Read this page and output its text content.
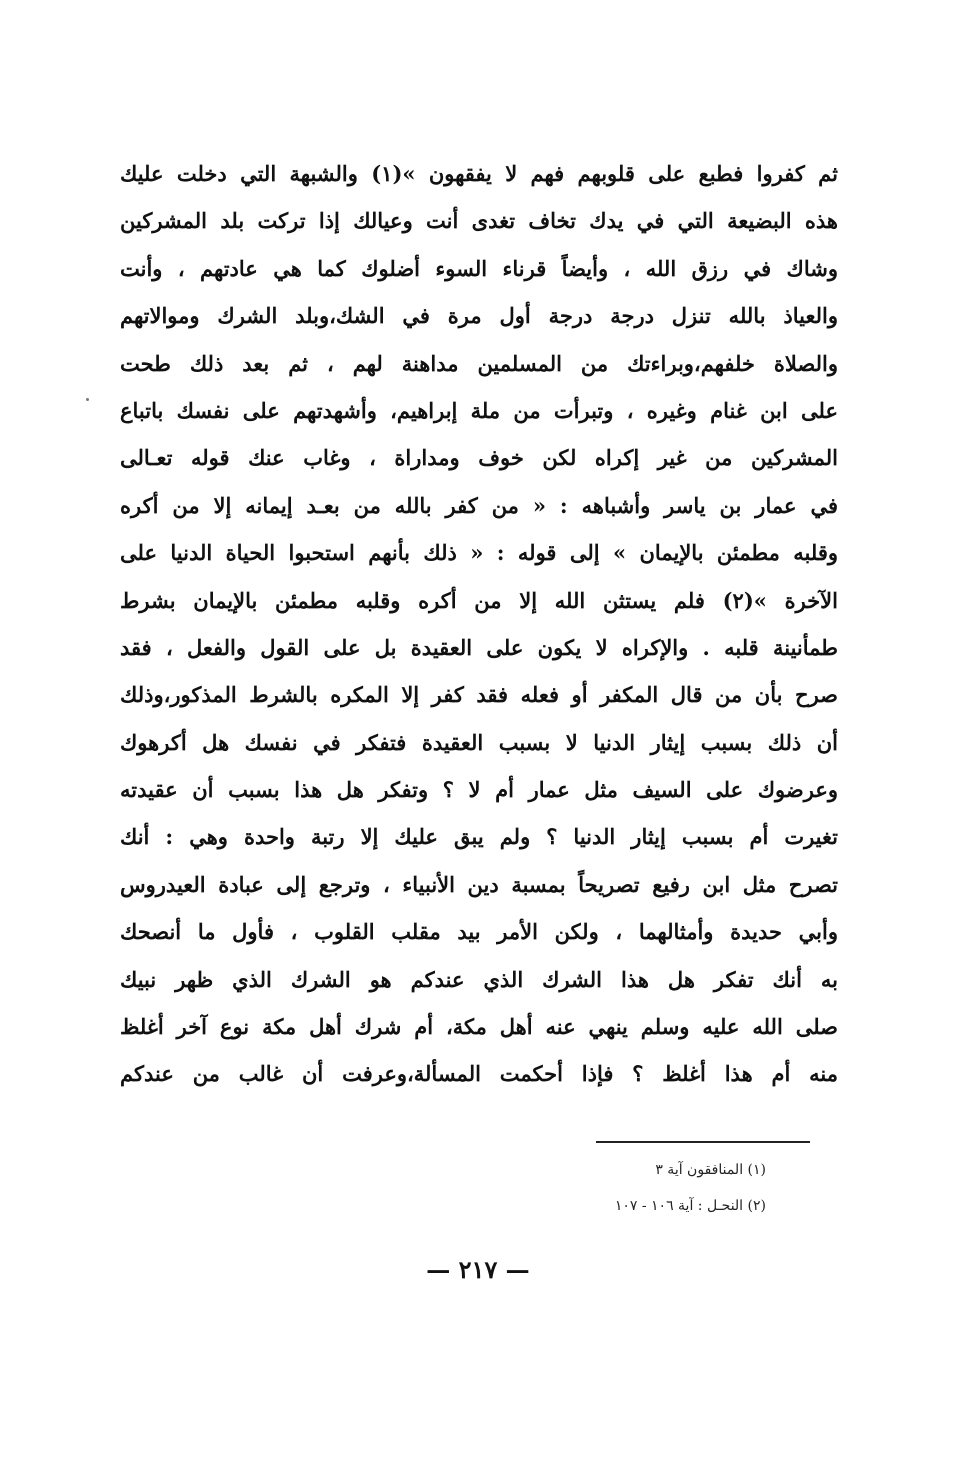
ثم كفروا فطبع على قلوبهم فهم لا يفقهون »(١) والشبهة التي دخلت عليك
هذه البضيعة التي في يدك تخاف تغدى أنت وعيالك إذا تركت بلد المشركين
وشاك في رزق الله ، وأيضاً قرناء السوء أضلوك كما هي عادتهم ، وأنت
والعياذ بالله تنزل درجة درجة أول مرة في الشك،وبلد الشرك وموالاتهم
والصلاة خلفهم،وبراءتك من المسلمين مداهنة لهم ، ثم بعد ذلك طحت
على ابن غنام وغيره ، وتبرأت من ملة إبراهيم، وأشهدتهم على نفسك باتباع
المشركين من غير إكراه لكن خوف ومداراة ، وغاب عنك قوله تعـالى
في عمار بن ياسر وأشباهه : « من كفر بالله من بعـد إيمانه إلا من أكره
وقلبه مطمئن بالإيمان » إلى قوله : « ذلك بأنهم استحبوا الحياة الدنيا على
الآخرة »(٢) فلم يستثن الله إلا من أكره وقلبه مطمئن بالإيمان بشرط
طمأنينة قلبه . والإكراه لا يكون على العقيدة بل على القول والفعل ، فقد
صرح بأن من قال المكفر أو فعله فقد كفر إلا المكره بالشرط المذكور،وذلك
أن ذلك بسبب إيثار الدنيا لا بسبب العقيدة فتفكر في نفسك هل أكرهوك
وعرضوك على السيف مثل عمار أم لا ؟ وتفكر هل هذا بسبب أن عقيدته
تغيرت أم بسبب إيثار الدنيا ؟ ولم يبق عليك إلا رتبة واحدة وهي : أنك
تصرح مثل ابن رفيع تصريحاً بمسبة دين الأنبياء ، وترجع إلى عبادة العيدروس
وأبي حديدة وأمثالهما ، ولكن الأمر بيد مقلب القلوب ، فأول ما أنصحك
به أنك تفكر هل هذا الشرك الذي عندكم هو الشرك الذي ظهر نبيك
صلى الله عليه وسلم ينهي عنه أهل مكة، أم شرك أهل مكة نوع آخر أغلظ
منه أم هذا أغلظ ؟ فإذا أحكمت المسألة،وعرفت أن غالب من عندكم
(١) المنافقون آية ٣
(٢) النحـل : آية ١٠٦ - ١٠٧
— ٢١٧ —
